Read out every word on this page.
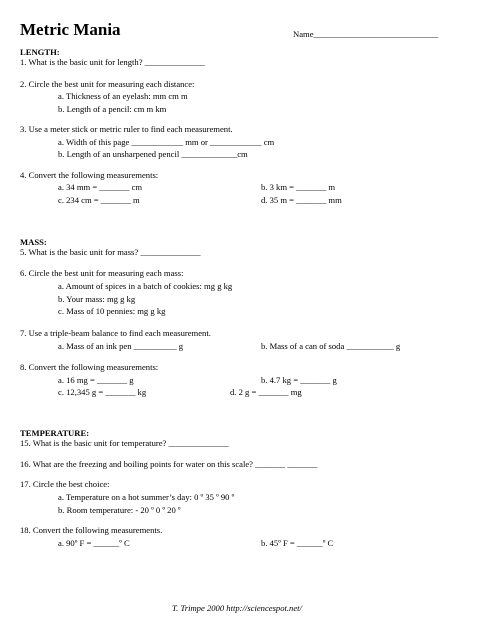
Metric Mania	Name_____________________________
LENGTH:
1. What is the basic unit for length? ______________
2. Circle the best unit for measuring each distance:
a. Thickness of an eyelash: mm cm m
b. Length of a pencil: cm m km
3. Use a meter stick or metric ruler to find each measurement.
a. Width of this page ____________ mm or ____________ cm
b. Length of an unsharpened pencil _____________cm
4. Convert the following measurements:
a. 34 mm = _______ cm	b. 3 km = _______ m
c. 234 cm = _______ m	d. 35 m = _______ mm
MASS:
5. What is the basic unit for mass? ______________
6. Circle the best unit for measuring each mass:
a. Amount of spices in a batch of cookies: mg g kg
b. Your mass: mg g kg
c. Mass of 10 pennies: mg g kg
7. Use a triple-beam balance to find each measurement.
a. Mass of an ink pen __________ g	b. Mass of a can of soda ___________ g
8. Convert the following measurements:
a. 16 mg = _______ g	b. 4.7 kg = _______ g
c. 12,345 g = _______ kg	d. 2 g = _______ mg
TEMPERATURE:
15. What is the basic unit for temperature? ______________
16. What are the freezing and boiling points for water on this scale? _______ _______
17. Circle the best choice:
a. Temperature on a hot summer’s day: 0 º 35 º 90 º
b. Room temperature: - 20 º 0 º 20 º
18. Convert the following measurements.
a. 90º F = ______º C	b. 45º F = ______º C
T. Trimpe 2000 http://sciencespot.net/
